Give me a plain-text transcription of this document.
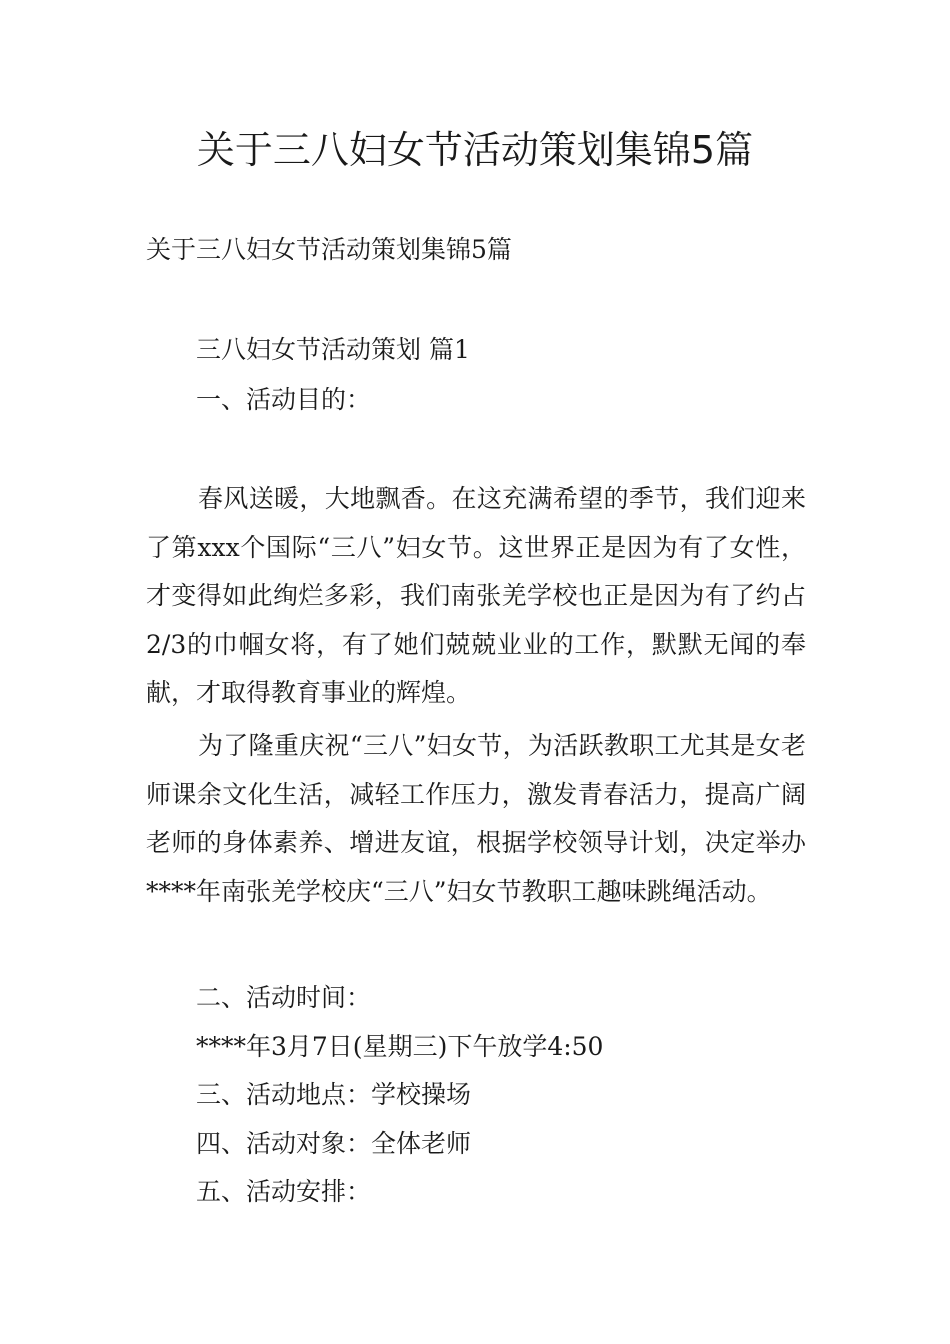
关于三八妇女节活动策划集锦5篇

关于三八妇女节活动策划集锦5篇

三八妇女节活动策划 篇1

一、活动目的：

春风送暖，大地飘香。在这充满希望的季节，我们迎来了第xxx个国际“三八”妇女节。这世界正是因为有了女性，才变得如此绚烂多彩，我们南张羌学校也正是因为有了约占2/3的巾帼女将，有了她们兢兢业业的工作，默默无闻的奉献，才取得教育事业的辉煌。

为了隆重庆祝“三八”妇女节，为活跃教职工尤其是女老师课余文化生活，减轻工作压力，激发青春活力，提高广阔老师的身体素养、增进友谊，根据学校领导计划，决定举办****年南张羌学校庆“三八”妇女节教职工趣味跳绳活动。

二、活动时间：

****年3月7日(星期三)下午放学4:50

三、活动地点：学校操场

四、活动对象：全体老师

五、活动安排：
